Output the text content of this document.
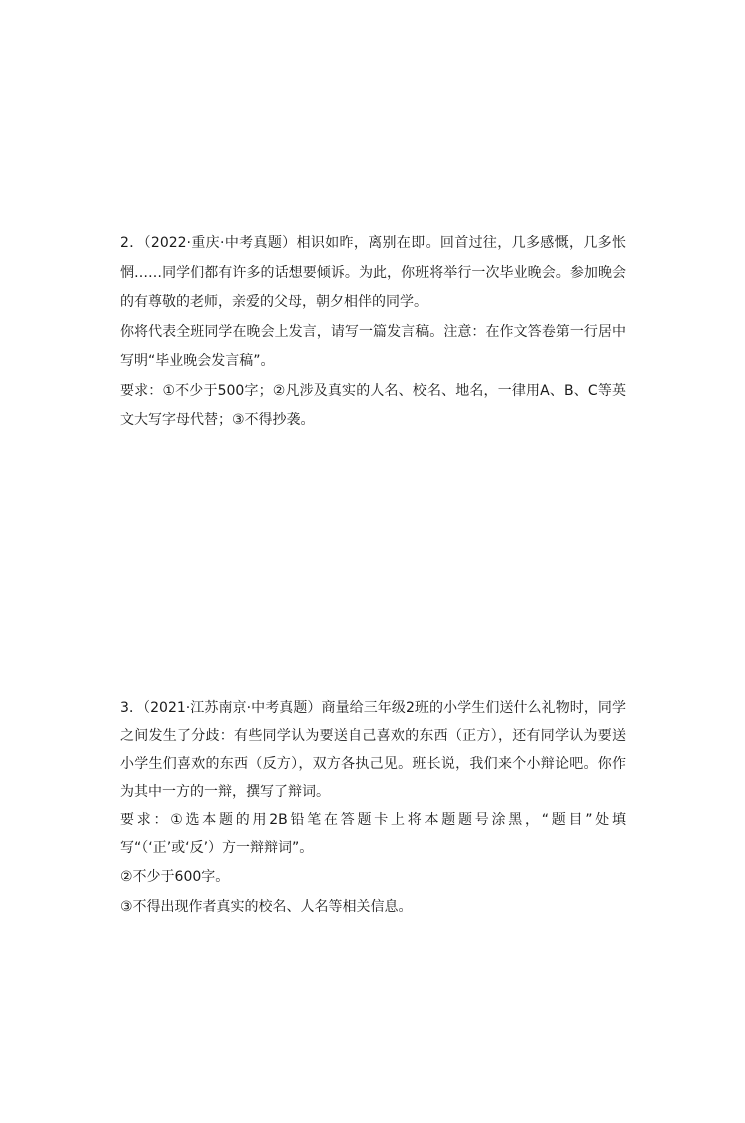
2．（2022·重庆·中考真题）相识如昨，离别在即。回首过往，几多感慨，几多怅惘……同学们都有许多的话想要倾诉。为此，你班将举行一次毕业晚会。参加晚会的有尊敬的老师，亲爱的父母，朝夕相伴的同学。

你将代表全班同学在晚会上发言，请写一篇发言稿。注意：在作文答卷第一行居中写明“毕业晚会发言稿”。

要求：①不少于500字；②凡涉及真实的人名、校名、地名，一律用A、B、C等英文大写字母代替；③不得抄袭。

3．（2021·江苏南京·中考真题）商量给三年级2班的小学生们送什么礼物时，同学之间发生了分歧：有些同学认为要送自己喜欢的东西（正方），还有同学认为要送小学生们喜欢的东西（反方），双方各执己见。班长说，我们来个小辩论吧。你作为其中一方的一辩，撰写了辩词。

要求：①选本题的用2B铅笔在答题卡上将本题题号涂黑，“题目”处填写“（‘正’或‘反’）方一辩辩词”。

②不少于600字。

③不得出现作者真实的校名、人名等相关信息。
